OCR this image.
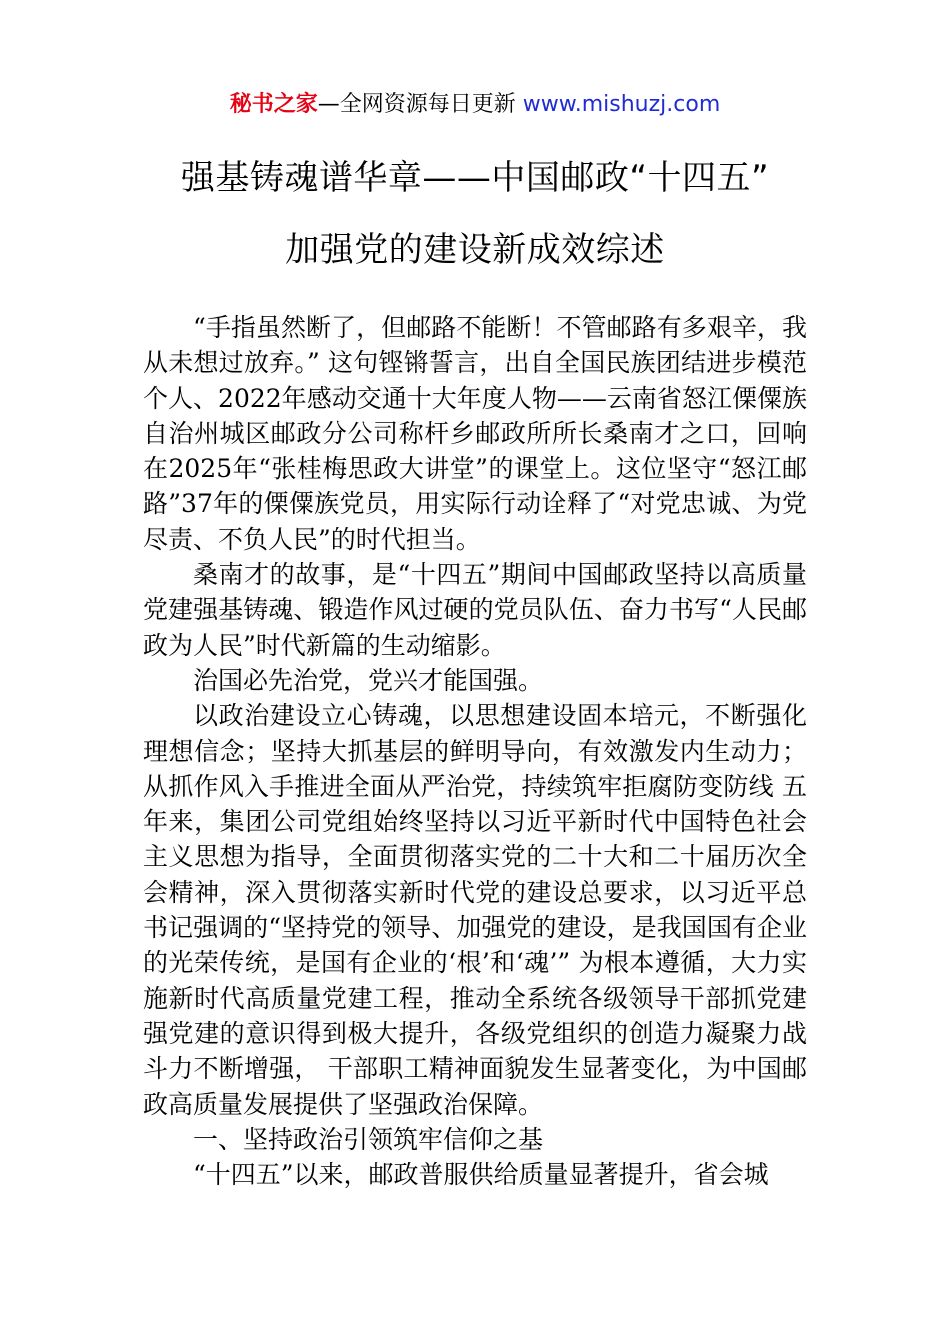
秘书之家—全网资源每日更新 www.mishuzj.com
强基铸魂谱华章——中国邮政“十四五”
加强党的建设新成效综述

“手指虽然断了，但邮路不能断！不管邮路有多艰辛，我从未想过放弃。” 这句铿锵誓言，出自全国民族团结进步模范个人、2022年感动交通十大年度人物——云南省怒江傈僳族自治州城区邮政分公司称杆乡邮政所所长桑南才之口，回响在2025年“张桂梅思政大讲堂”的课堂上。这位坚守“怒江邮路”37年的傈僳族党员，用实际行动诠释了“对党忠诚、为党尽责、不负人民”的时代担当。

桑南才的故事，是“十四五”期间中国邮政坚持以高质量党建强基铸魂、锻造作风过硬的党员队伍、奋力书写“人民邮政为人民”时代新篇的生动缩影。

治国必先治党，党兴才能国强。

以政治建设立心铸魂，以思想建设固本培元，不断强化理想信念；坚持大抓基层的鲜明导向，有效激发内生动力；从抓作风入手推进全面从严治党，持续筑牢拒腐防变防线 五年来，集团公司党组始终坚持以习近平新时代中国特色社会主义思想为指导，全面贯彻落实党的二十大和二十届历次全会精神，深入贯彻落实新时代党的建设总要求，以习近平总书记强调的“坚持党的领导、加强党的建设，是我国国有企业的光荣传统，是国有企业的‘根’和‘魂’” 为根本遵循，大力实施新时代高质量党建工程，推动全系统各级领导干部抓党建强党建的意识得到极大提升，各级党组织的创造力凝聚力战斗力不断增强， 干部职工精神面貌发生显著变化，为中国邮政高质量发展提供了坚强政治保障。

一、坚持政治引领筑牢信仰之基

“十四五”以来，邮政普服供给质量显著提升，省会城
